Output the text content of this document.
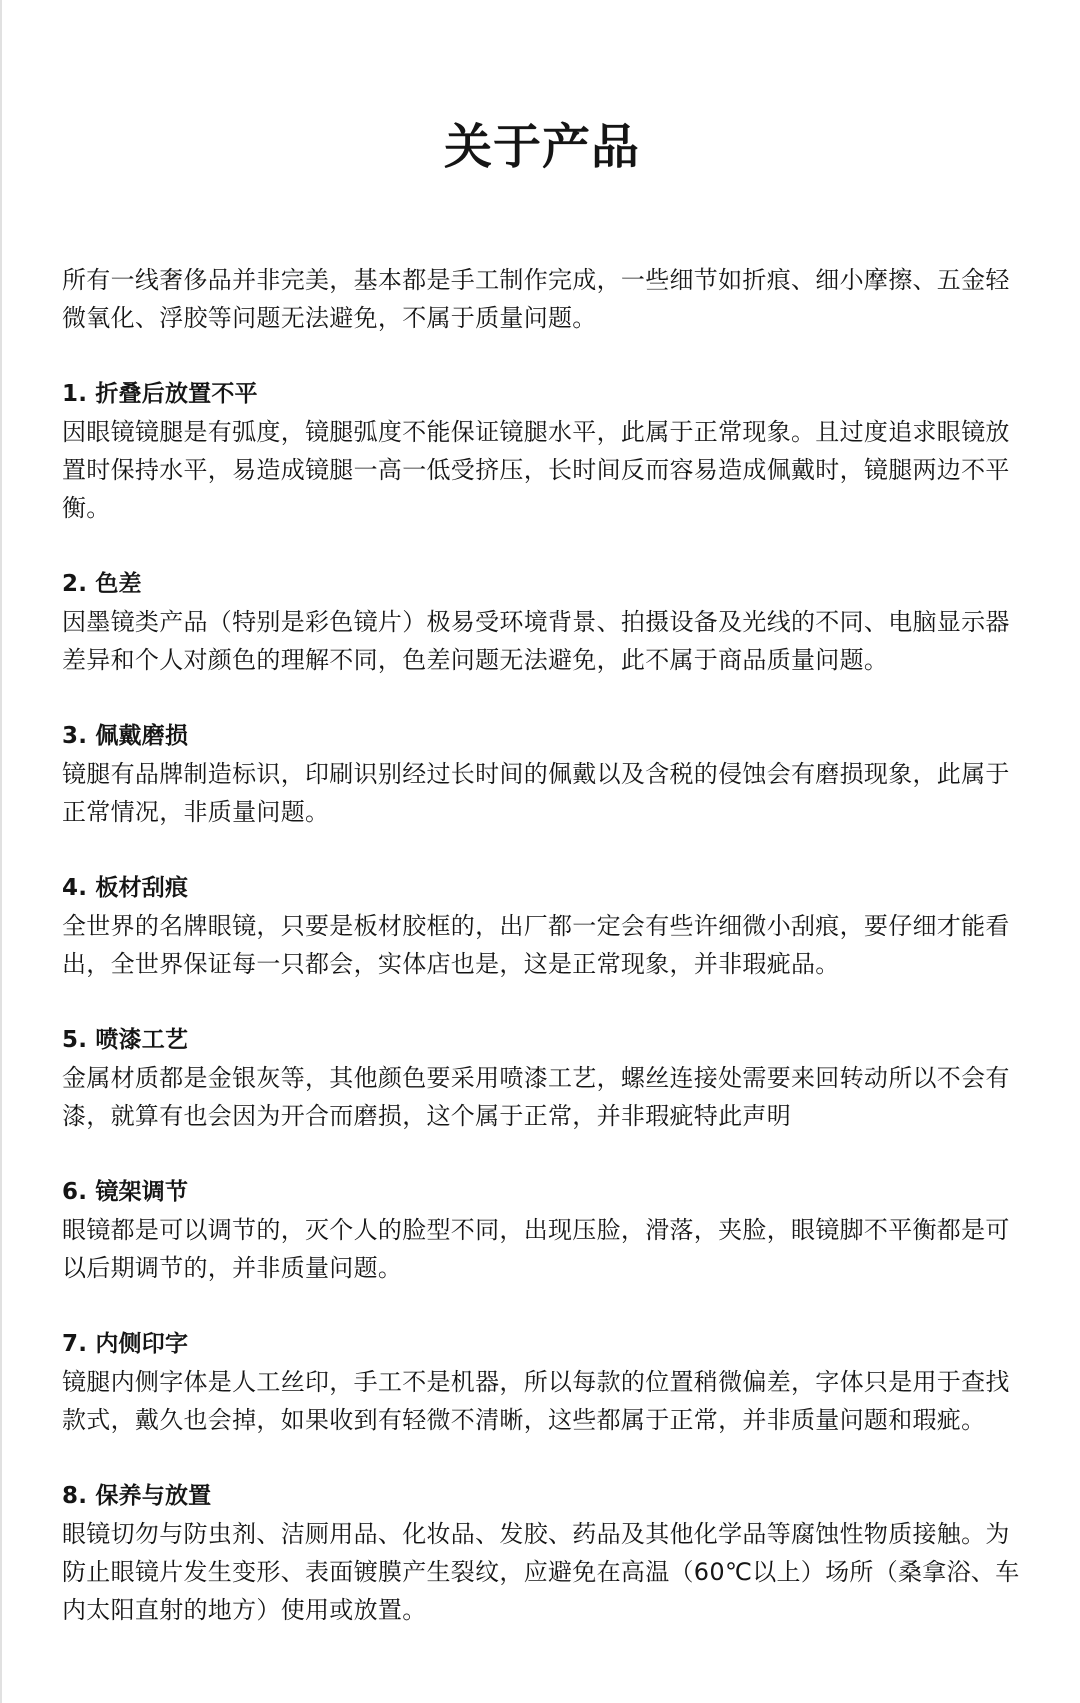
关于产品

所有一线奢侈品并非完美，基本都是手工制作完成，一些细节如折痕、细小摩擦、五金轻微氧化、浮胶等问题无法避免，不属于质量问题。

1. 折叠后放置不平
因眼镜镜腿是有弧度，镜腿弧度不能保证镜腿水平，此属于正常现象。且过度追求眼镜放置时保持水平，易造成镜腿一高一低受挤压，长时间反而容易造成佩戴时，镜腿两边不平衡。
2. 色差
因墨镜类产品（特别是彩色镜片）极易受环境背景、拍摄设备及光线的不同、电脑显示器差异和个人对颜色的理解不同，色差问题无法避免，此不属于商品质量问题。
3. 佩戴磨损
镜腿有品牌制造标识，印刷识别经过长时间的佩戴以及含税的侵蚀会有磨损现象，此属于正常情况，非质量问题。
4. 板材刮痕
全世界的名牌眼镜，只要是板材胶框的，出厂都一定会有些许细微小刮痕，要仔细才能看出，全世界保证每一只都会，实体店也是，这是正常现象，并非瑕疵品。
5. 喷漆工艺
金属材质都是金银灰等，其他颜色要采用喷漆工艺，螺丝连接处需要来回转动所以不会有漆，就算有也会因为开合而磨损，这个属于正常，并非瑕疵特此声明
6. 镜架调节
眼镜都是可以调节的，灭个人的脸型不同，出现压脸，滑落，夹脸，眼镜脚不平衡都是可以后期调节的，并非质量问题。
7. 内侧印字
镜腿内侧字体是人工丝印，手工不是机器，所以每款的位置稍微偏差，字体只是用于查找款式，戴久也会掉，如果收到有轻微不清晰，这些都属于正常，并非质量问题和瑕疵。
8. 保养与放置
眼镜切勿与防虫剂、洁厕用品、化妆品、发胶、药品及其他化学品等腐蚀性物质接触。为防止眼镜片发生变形、表面镀膜产生裂纹，应避免在高温（60℃以上）场所（桑拿浴、车内太阳直射的地方）使用或放置。
